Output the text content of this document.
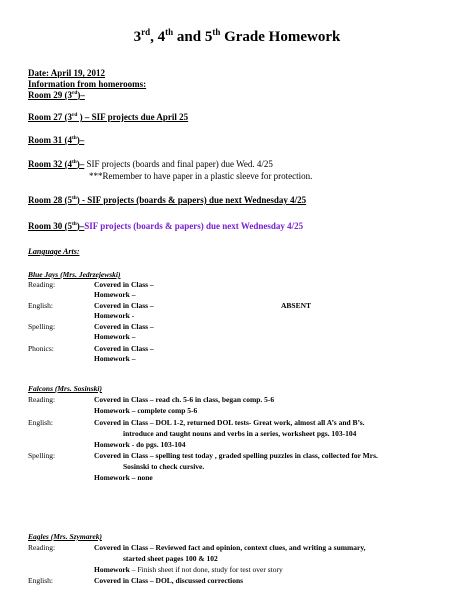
3rd, 4th and 5th Grade Homework
Date: April 19, 2012
Information from homerooms:
Room 29 (3rd)–
Room 27 (3rd ) – SIF projects due April 25
Room 31 (4th)–
Room 32 (4th)– SIF projects (boards and final paper) due Wed. 4/25
***Remember to have paper in a plastic sleeve for protection.
Room 28 (5th) - SIF projects (boards & papers) due next Wednesday 4/25
Room 30 (5th)–SIF projects (boards & papers) due next Wednesday 4/25
Language Arts:
Blue Jays (Mrs. Jedrzejewski)
Reading:	Covered in Class –
Homework –
English:	Covered in Class –	ABSENT
Homework -
Spelling:	Covered in Class –
Homework –
Phonics:	Covered in Class –
Homework –
Falcons (Mrs. Sosinski)
Reading:	Covered in Class – read ch. 5-6 in class, began comp. 5-6
Homework – complete comp 5-6
English:	Covered in Class – DOL 1-2, returned DOL tests- Great work, almost all A’s and B’s.
introduce and taught nouns and verbs in a series, worksheet pgs. 103-104
Homework - do pgs. 103-104
Spelling:	Covered in Class – spelling test today , graded spelling puzzles in class, collected for Mrs.
Sosinski to check cursive.
Homework – none
Eagles (Mrs. Szymarek)
Reading:	Covered in Class – Reviewed fact and opinion, context clues, and writing a summary,
started sheet pages 100 & 102
Homework – Finish sheet if not done, study for test over story
English:	Covered in Class – DOL, discussed corrections
